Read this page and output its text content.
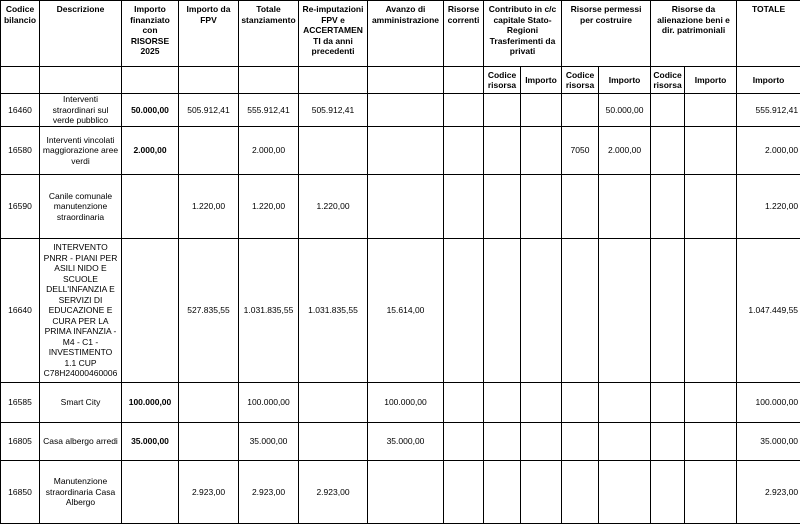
Codice bilancio	Descrizione	Importo finanziato con RISORSE 2025	Importo da FPV	Totale stanziamento	Re-imputazioni FPV e ACCERTAMENTI da anni precedenti	Avanzo di amministrazione	Risorse correnti	Contributo in c/c capitale Stato-Regioni Trasferimenti da privati		Risorse permessi per costruire		Risorse da alienazione beni e dir. patrimoniali		TOTALE
								Codice risorsa	Importo	Codice risorsa	Importo	Codice risorsa	Importo	Importo
16460	Interventi straordinari sul verde pubblico	50.000,00	505.912,41	555.912,41	505.912,41						50.000,00			555.912,41
16580	Interventi vincolati maggiorazione aree verdi	2.000,00		2.000,00						7050	2.000,00			2.000,00
16590	Canile comunale manutenzione straordinaria		1.220,00	1.220,00	1.220,00									1.220,00
16640	INTERVENTO PNRR - PIANI PER ASILI NIDO E SCUOLE DELL'INFANZIA E SERVIZI DI EDUCAZIONE E CURA PER LA PRIMA INFANZIA - M4 - C1 - INVESTIMENTO 1.1 CUP C78H24000460006		527.835,55	1.031.835,55	1.031.835,55	15.614,00								1.047.449,55
16585	Smart City	100.000,00		100.000,00		100.000,00								100.000,00
16805	Casa albergo arredi	35.000,00		35.000,00		35.000,00								35.000,00
16850	Manutenzione straordinaria Casa Albergo		2.923,00	2.923,00	2.923,00									2.923,00
